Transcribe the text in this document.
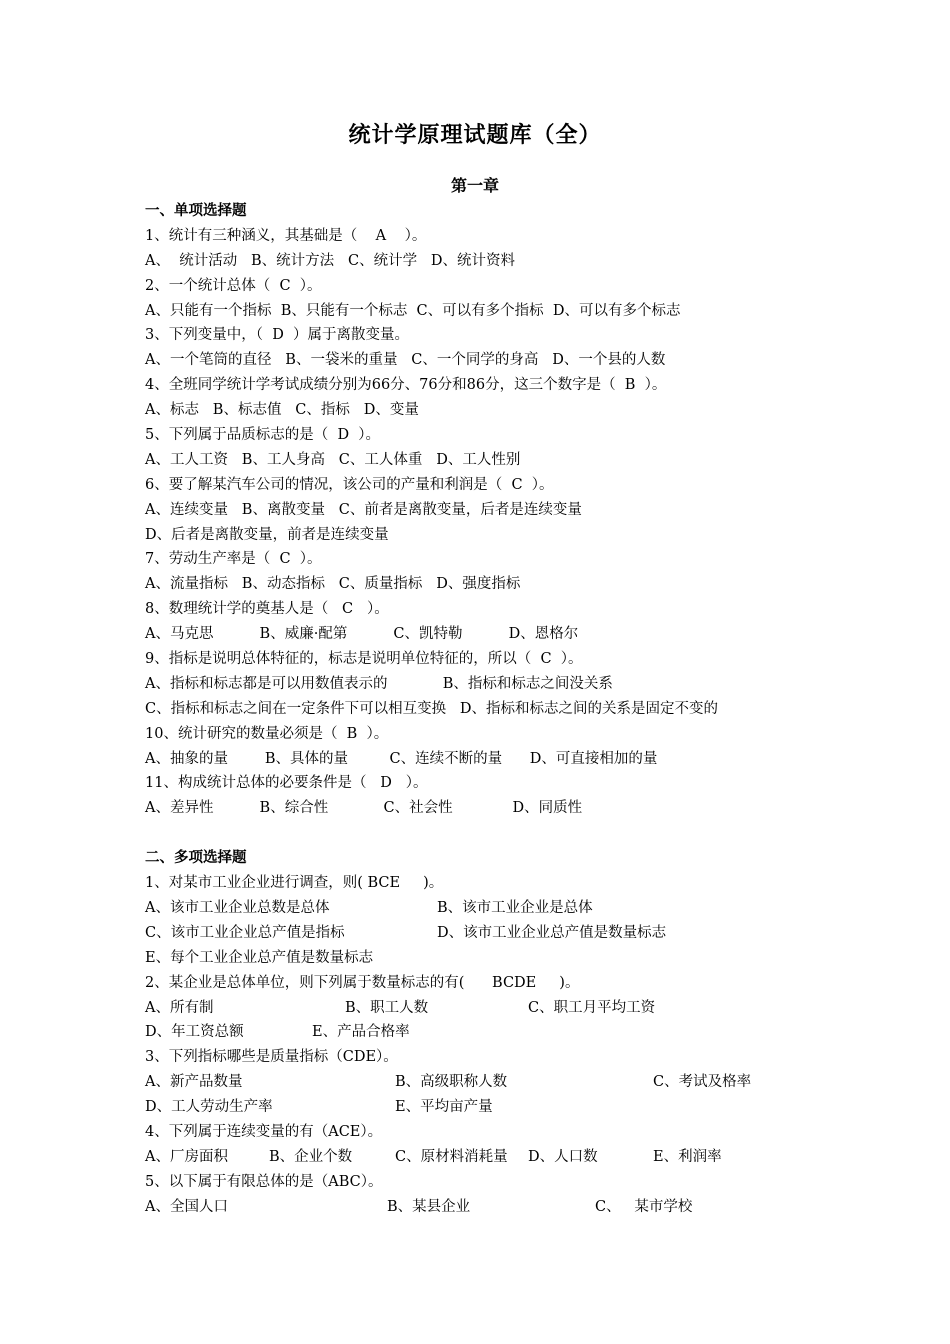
统计学原理试题库（全）
第一章
一、单项选择题
1、统计有三种涵义，其基础是（    A    ）。
A、  统计活动   B、统计方法   C、统计学   D、统计资料
2、一个统计总体（  C  ）。
A、只能有一个指标  B、只能有一个标志  C、可以有多个指标  D、可以有多个标志
3、下列变量中，（  D  ）属于离散变量。
A、一个笔筒的直径   B、一袋米的重量   C、一个同学的身高   D、一个县的人数
4、全班同学统计学考试成绩分别为66分、76分和86分，这三个数字是（  B  ）。
A、标志   B、标志值   C、指标   D、变量
5、下列属于品质标志的是（  D  ）。
A、工人工资   B、工人身高   C、工人体重   D、工人性别
6、要了解某汽车公司的情况，该公司的产量和利润是（  C  ）。
A、连续变量   B、离散变量   C、前者是离散变量，后者是连续变量
D、后者是离散变量，前者是连续变量
7、劳动生产率是（  C  ）。
A、流量指标   B、动态指标   C、质量指标   D、强度指标
8、数理统计学的奠基人是（   C   ）。
A、马克思          B、威廉·配第          C、凯特勒          D、恩格尔
9、指标是说明总体特征的，标志是说明单位特征的，所以（  C  ）。
A、指标和标志都是可以用数值表示的            B、指标和标志之间没关系
C、指标和标志之间在一定条件下可以相互变换   D、指标和标志之间的关系是固定不变的
10、统计研究的数量必须是（  B  ）。
A、抽象的量        B、具体的量         C、连续不断的量      D、可直接相加的量
11、构成统计总体的必要条件是（   D   ）。
A、差异性          B、综合性            C、社会性             D、同质性
二、多项选择题
1、对某市工业企业进行调查，则( BCE     )。
A、该市工业企业总数是总体	B、该市工业企业是总体
C、该市工业企业总产值是指标	D、该市工业企业总产值是数量标志
E、每个工业企业总产值是数量标志
2、某企业是总体单位，则下列属于数量标志的有(      BCDE     )。
A、所有制	B、职工人数	C、职工月平均工资
D、年工资总额	E、产品合格率
3、下列指标哪些是质量指标（CDE）。
A、新产品数量	B、高级职称人数	C、考试及格率
D、工人劳动生产率	E、平均亩产量
4、下列属于连续变量的有（ACE）。
A、厂房面积	B、企业个数	C、原材料消耗量 D、人口数	E、利润率
5、以下属于有限总体的是（ABC）。
A、全国人口	B、某县企业	C、   某市学校
